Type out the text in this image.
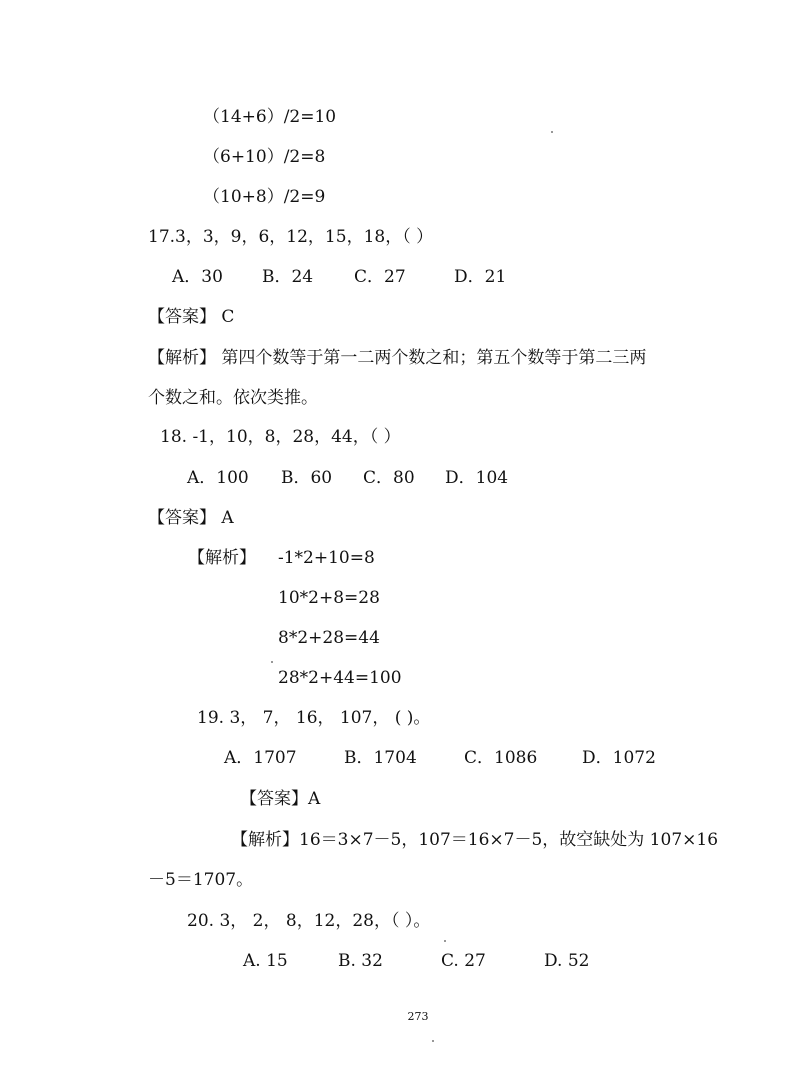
（14+6）/2=10
（6+10）/2=8
（10+8）/2=9
17.3，3，9，6，12，15，18，（ ）
A．30 B．24 C．27	D．21
【答案】 C
【解析】 第四个数等于第一二两个数之和；第五个数等于第二三两
个数之和。依次类推。
18. -1，10，8，28，44，（ ）
A．100 B．60 C．80 D．104
【答案】 A
【解析】 -1*2+10=8
10*2+8=28
8*2+28=44
28*2+44=100
19. 3， 7， 16， 107， ( )。
A．1707	B．1704	C．1086	D．1072
【答案】A
【解析】16＝3×7－5，107＝16×7－5，故空缺处为 107×16
－5＝1707。
20. 3， 2， 8，12，28，（ ）。
A. 15	B. 32	C. 27	D. 52
273
